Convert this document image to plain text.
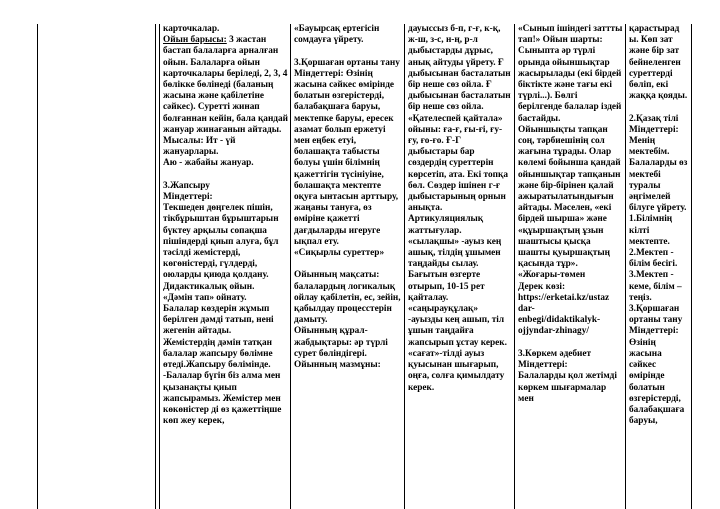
карточкалар.

Ойын барысы: 3 жастан бастап балаларға арналған ойын. Балаларға ойын карточкалары беріледі, 2, 3, 4 бөлікке бөлінеді (баланың жасына және қабілетіне сәйкес). Суретті жинап болғаннан кейін, бала қандай жануар жинағанын айтады.

Мысалы: Ит - үй жануарлары.

Аю - жабайы жануар.

3.Жапсыру

Міндеттері:

Текшеден дөңгелек пішін, тікбұрыштан бұрыштарын бүктеу арқылы сопақша пішіндерді қиып алуға, бұл тәсілді жемістерді, көгөністерді, гүлдерді, оюларды қиюда қолдану. Дидактикалық ойын.

«Дәмін тап» ойнату.

Балалар көздерін жұмып берілген дәмді татып, нені жегенін айтады.

Жемістердің дәмін татқан балалар жапсыру бөлімне өтеді.Жапсыру бөлімінде.

-Балалар бүгін біз алма мен қызанақты қиып жапсырамыз. Жемістер мен көкөністер ді өз қажеттіңше көп жеу керек,

«Бауырсақ ертегісін сомдауға үйрету.

3.Қоршаған ортаны тану

Міндеттері: Өзінің жасына сәйкес өмірінде болатын өзгерістерді, балабақшаға баруы, мектепке баруы, ересек азамат болып ержетуі мен еңбек етуі, болашақта табысты болуы үшін білімнің қажеттігін түсініуіне, болашақта мектепте оқуға ынтасын арттыру, жаңаны тануға, өз өміріне қажетті дағдыларды игеруге ықпал ету.

«Сиқырлы суреттер»

Ойынның мақсаты: балалардың логикалық ойлау қабілетін, ес, зейін, қабылдау процесстерін дамыту.

Ойынның құрал-жабдықтары: әр түрлі сурет бөліндігері.

Ойынның мазмұны:

дауыссыз б-п, г-ғ, к-қ, ж-ш, з-с, н-ң, р-л дыбыстарды дұрыс, анық айтуды үйрету. Ғ дыбысынан басталатын бір неше сөз ойла. Ғ дыбысынан басталатын бір неше сөз ойла.

«Қателеспей қайтала» ойыны: ға-ғ, ғы-ғі, ғу-ғу, ғо-ғо. Ғ-Г дыбыстары бар сөздердің суреттерін көрсетіп, ата. Екі топқа бөл. Сөздер ішінен г-ғ дыбыстарының орнын анықта. Артикуляциялық жаттығулар.

«сылақшы» -ауыз кең ашық, тілдің ұшымен таңдайды сылау. Бағытын өзгерте отырып, 10-15 рет қайталау.

«саңырауқұлақ» -ауызды кең ашып, тіл ұшын таңдайға жапсырып ұстау керек.

«сағат»-тілді ауыз қуысынан шығарып, оңға, солға қимылдату керек.

«Сынып ішіндегі заттты тап!» Ойын шарты: Сыныпта әр түрлі орында ойыншықтар жасырылады (екі бірдей біктікте және тағы екі түрлі...). Бөлгі берілгенде балалар іздей бастайды.

Ойыншықты тапқан соң, тәрбиешінің сол жағына тұрады. Олар көлемі бойынша қандай ойыншықтар тапқанын және бір-бірінен қалай ажыратылатындығын айтады. Мәселен, «екі бірдей шырша» және «құыршақтың ұзын шаштысы қысқа шашты қуыршақтың қасында тұр».

«Жоғары-төмен

Дерек көзі:

https://erketai.kz/ustaz dar-

enbegi/didaktikalyk-ojjyndar-zhinagy/

3.Көркем әдебиет

Міндеттері:

Балаларды қол жетімді көркем шығармалар мен

қарастырад ы. Көп зат және бір зат бейнеленген суреттерді бөліп, екі жаққа қояды.

2.Қазақ тілі

Міндеттері:

Менің мектебім. Балаларды өз мектебі туралы әңгімелей білуге үйрету.

1.Білімнің кілті мектепте.

2.Мектеп - білім бесігі.

3.Мектеп - кеме, білім – теңіз.

3.Қоршаған ортаны тану

Міндеттері:

Өзінің жасына сәйкес өмірінде болатын өзгерістерді, балабақшаға баруы,
